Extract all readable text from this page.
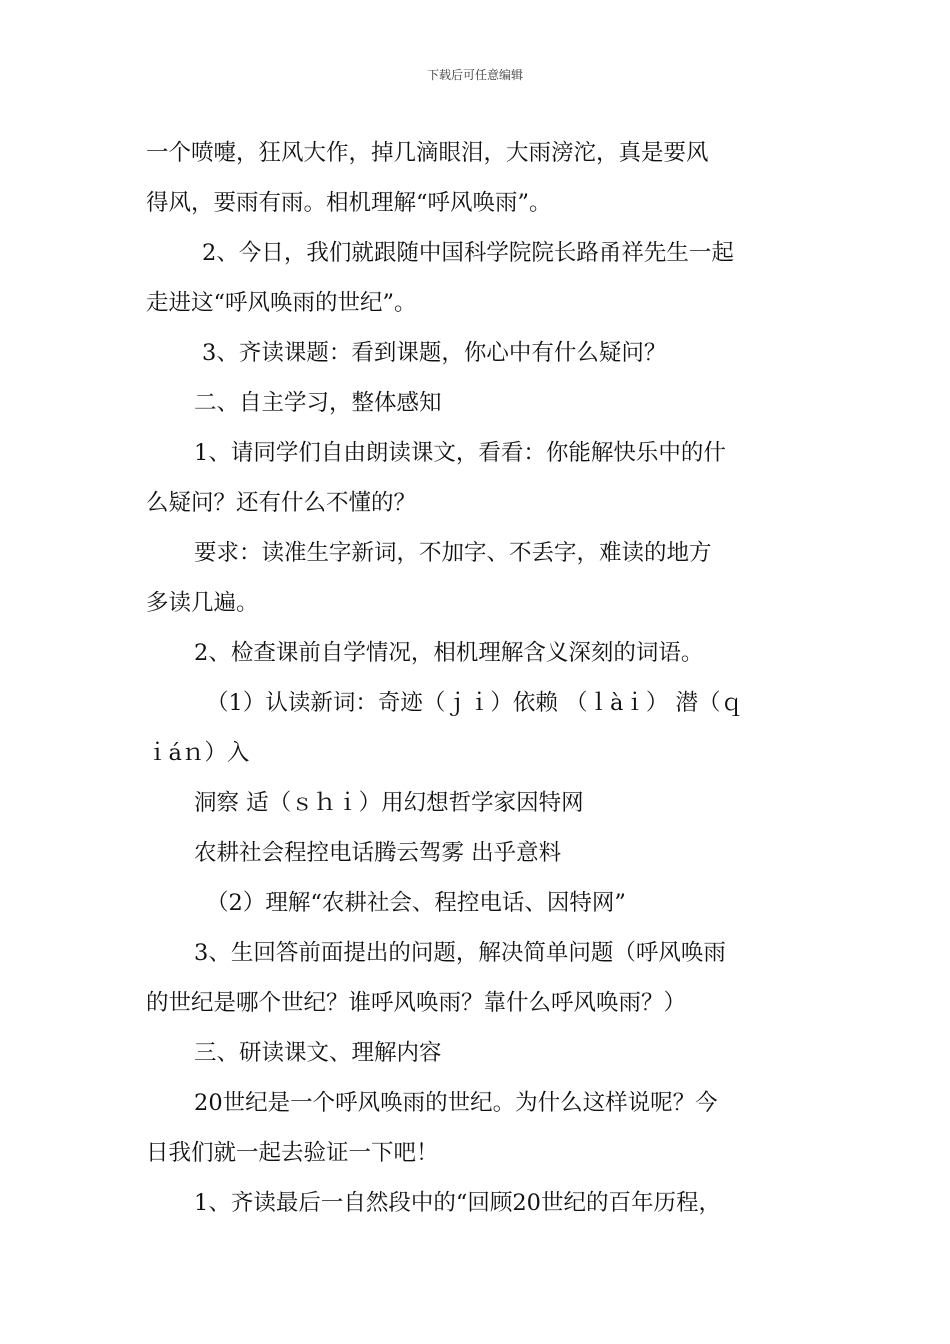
下载后可任意编辑
一个喷嚏，狂风大作，掉几滴眼泪，大雨滂沱，真是要风
得风，要雨有雨。相机理解“呼风唤雨”。
2、今日，我们就跟随中国科学院院长路甬祥先生一起
走进这“呼风唤雨的世纪”。
3、齐读课题：看到课题，你心中有什么疑问？
二、自主学习，整体感知
1、请同学们自由朗读课文，看看：你能解快乐中的什
么疑问？还有什么不懂的？
要求：读准生字新词，不加字、不丢字，难读的地方
多读几遍。
2、检查课前自学情况，相机理解含义深刻的词语。
（1）认读新词：奇迹（ｊｉ）依赖 （ｌàｉ） 潜（ｑ
ｉáｎ）入
洞察 适（ｓｈｉ）用幻想哲学家因特网
农耕社会程控电话腾云驾雾 出乎意料
（2）理解“农耕社会、程控电话、因特网”
3、生回答前面提出的问题，解决简单问题（呼风唤雨
的世纪是哪个世纪？谁呼风唤雨？靠什么呼风唤雨？）
三、研读课文、理解内容
20世纪是一个呼风唤雨的世纪。为什么这样说呢？今
日我们就一起去验证一下吧！
1、齐读最后一自然段中的“回顾20世纪的百年历程，
